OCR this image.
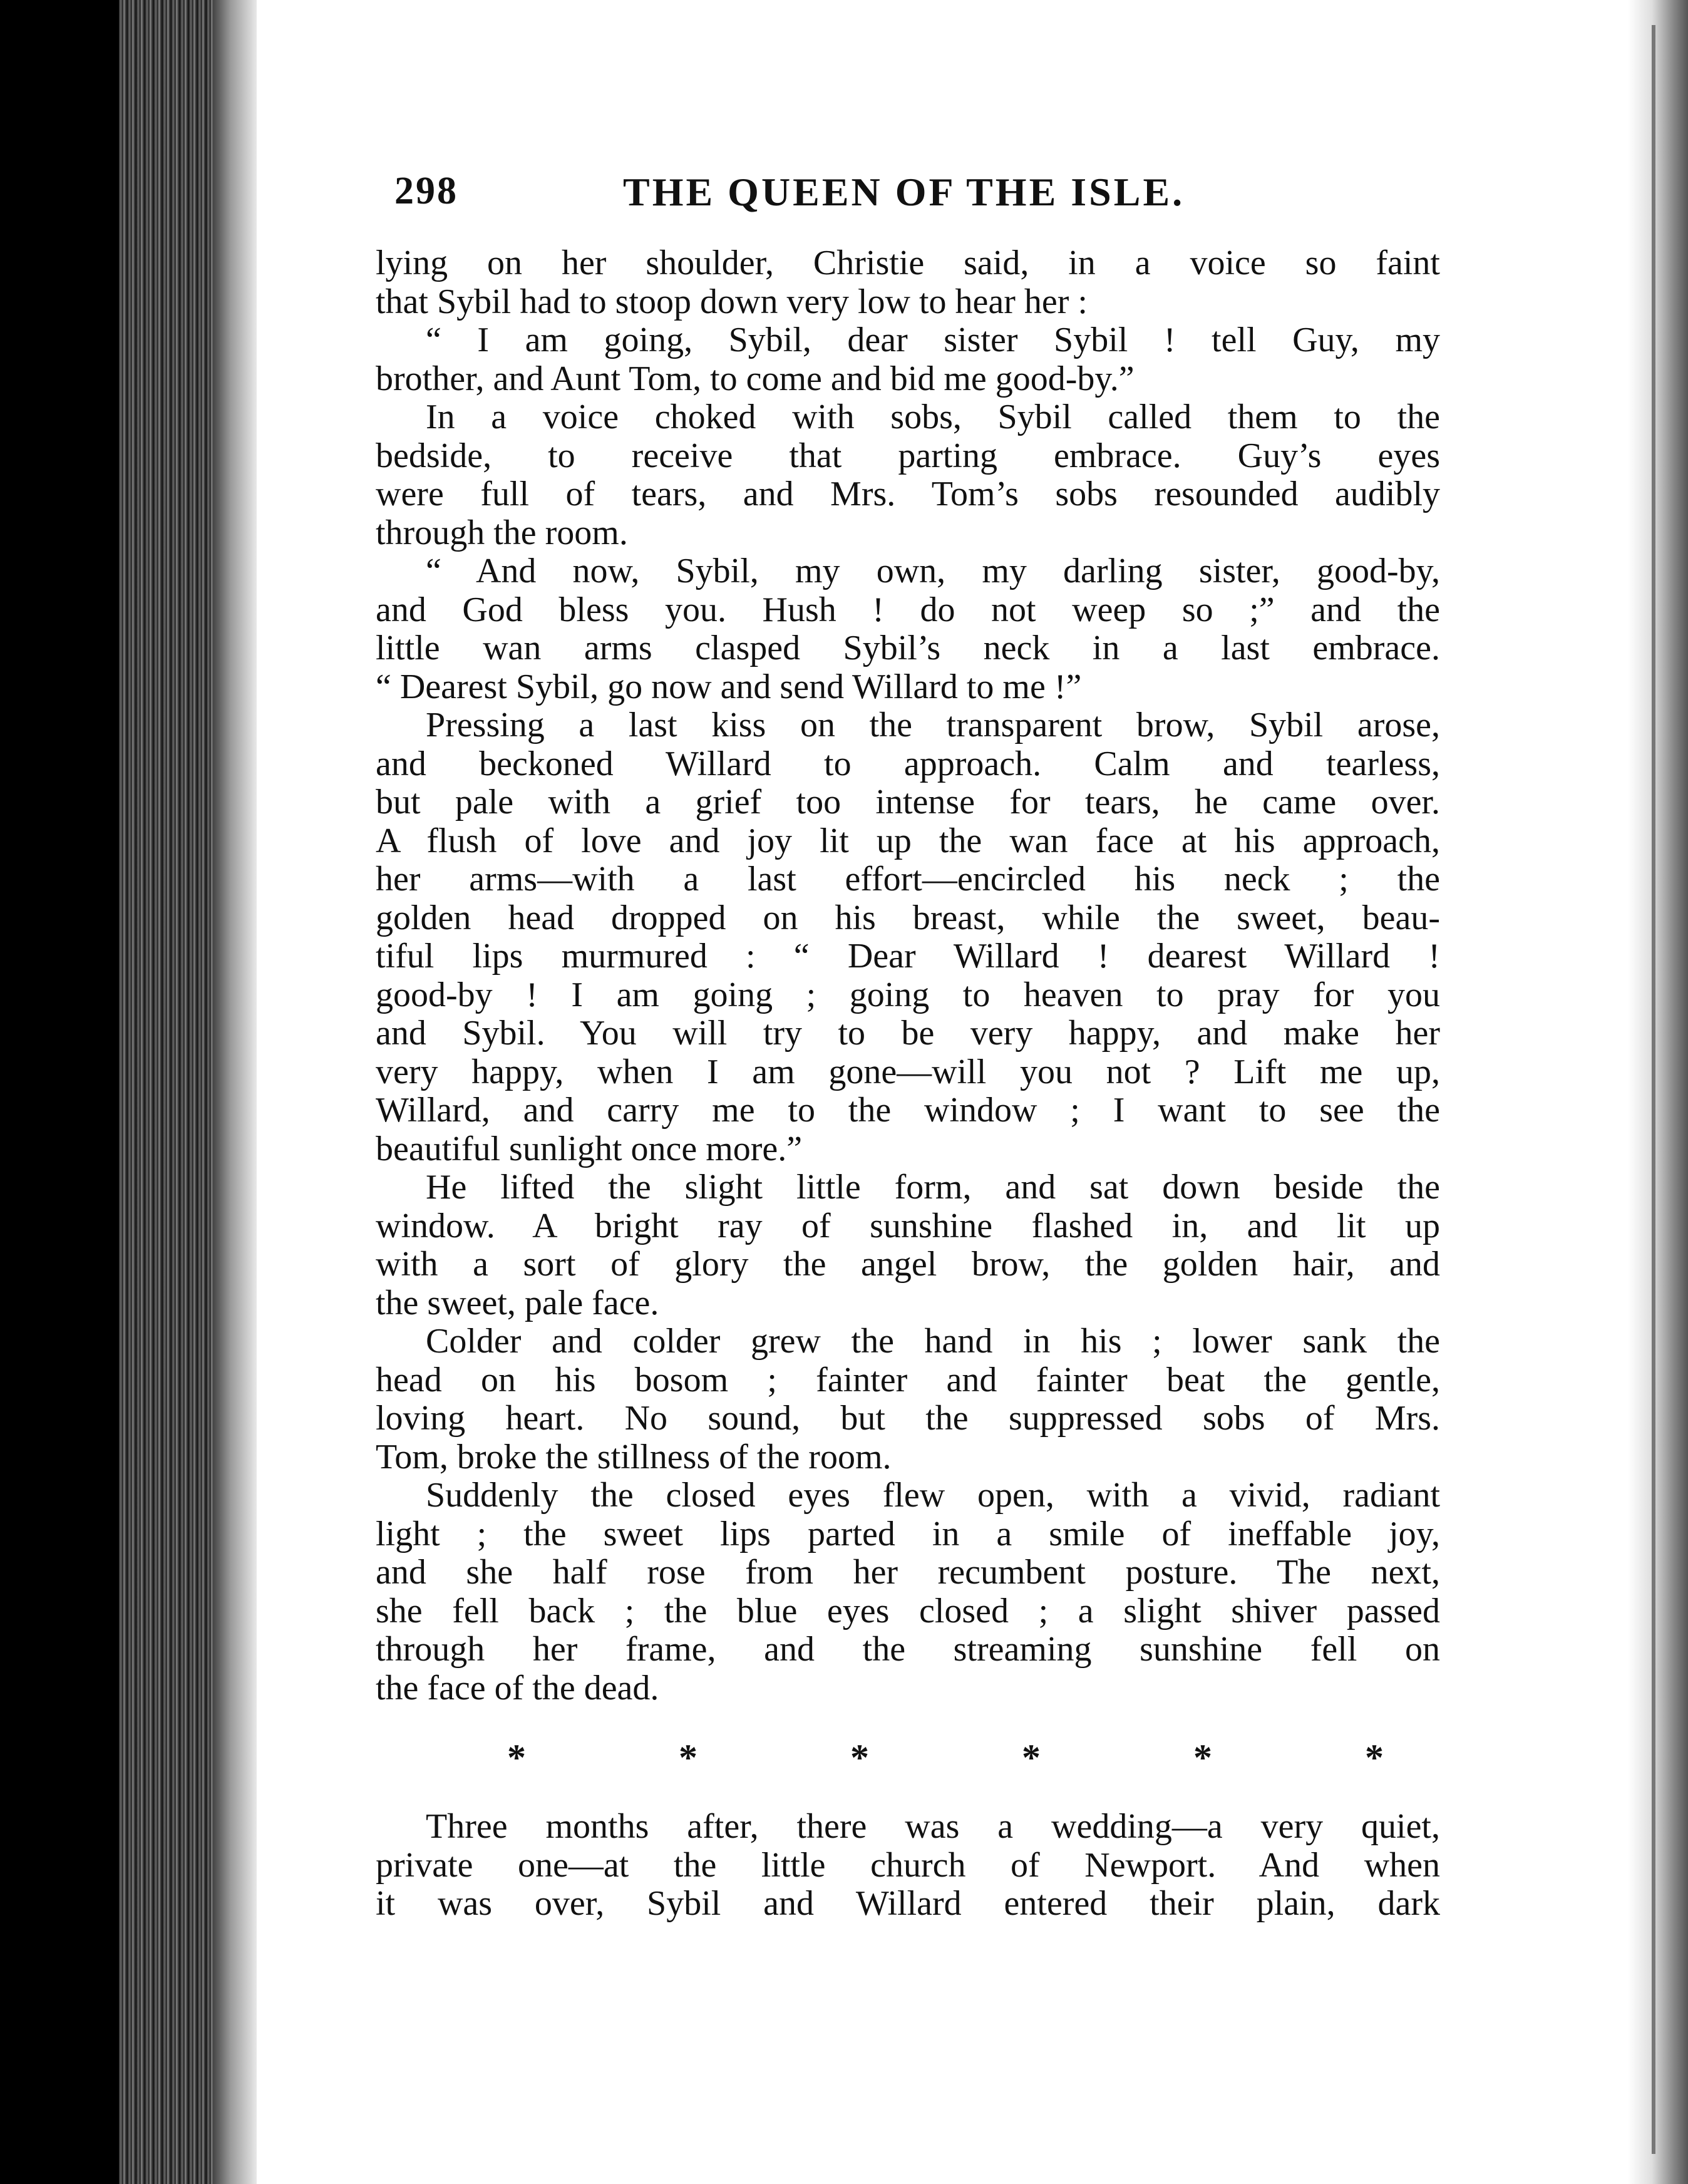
298	THE QUEEN OF THE ISLE.
lying on her shoulder, Christie said, in a voice so faint
that Sybil had to stoop down very low to hear her :
“ I am going, Sybil, dear sister Sybil ! tell Guy, my
brother, and Aunt Tom, to come and bid me good-by.”
In a voice choked with sobs, Sybil called them to the
bedside, to receive that parting embrace. Guy’s eyes
were full of tears, and Mrs. Tom’s sobs resounded audibly
through the room.
“ And now, Sybil, my own, my darling sister, good-by,
and God bless you. Hush ! do not weep so ;” and the
little wan arms clasped Sybil’s neck in a last embrace.
“ Dearest Sybil, go now and send Willard to me !”
Pressing a last kiss on the transparent brow, Sybil arose,
and beckoned Willard to approach. Calm and tearless,
but pale with a grief too intense for tears, he came over.
A flush of love and joy lit up the wan face at his approach,
her arms—with a last effort—encircled his neck ; the
golden head dropped on his breast, while the sweet, beau-
tiful lips murmured : “ Dear Willard ! dearest Willard !
good-by ! I am going ; going to heaven to pray for you
and Sybil. You will try to be very happy, and make her
very happy, when I am gone—will you not ? Lift me up,
Willard, and carry me to the window ; I want to see the
beautiful sunlight once more.”
He lifted the slight little form, and sat down beside the
window. A bright ray of sunshine flashed in, and lit up
with a sort of glory the angel brow, the golden hair, and
the sweet, pale face.
Colder and colder grew the hand in his ; lower sank the
head on his bosom ; fainter and fainter beat the gentle,
loving heart. No sound, but the suppressed sobs of Mrs.
Tom, broke the stillness of the room.
Suddenly the closed eyes flew open, with a vivid, radiant
light ; the sweet lips parted in a smile of ineffable joy,
and she half rose from her recumbent posture. The next,
she fell back ; the blue eyes closed ; a slight shiver passed
through her frame, and the streaming sunshine fell on
the face of the dead.
*	*	*	*	*	*
Three months after, there was a wedding—a very quiet,
private one—at the little church of Newport. And when
it was over, Sybil and Willard entered their plain, dark
